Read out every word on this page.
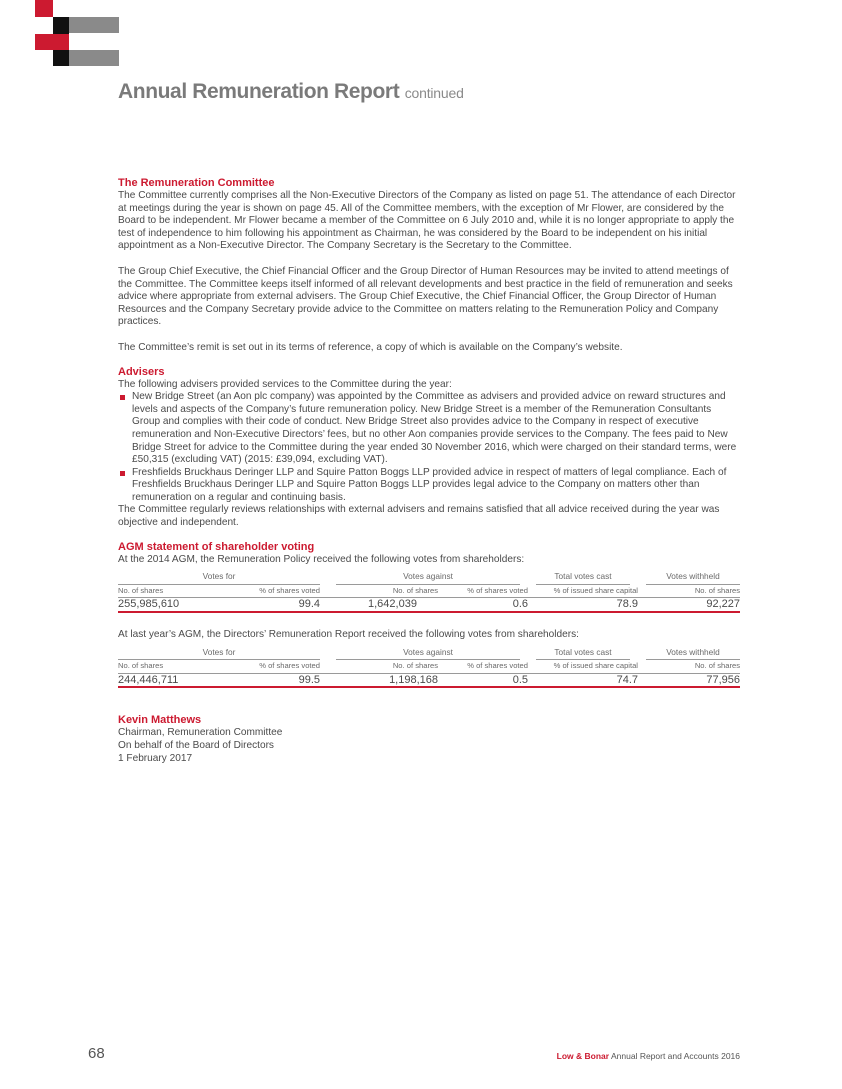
Annual Remuneration Report continued
The Remuneration Committee

The Committee currently comprises all the Non-Executive Directors of the Company as listed on page 51. The attendance of each Director at meetings during the year is shown on page 45. All of the Committee members, with the exception of Mr Flower, are considered by the Board to be independent. Mr Flower became a member of the Committee on 6 July 2010 and, while it is no longer appropriate to apply the test of independence to him following his appointment as Chairman, he was considered by the Board to be independent on his initial appointment as a Non-Executive Director. The Company Secretary is the Secretary to the Committee.

The Group Chief Executive, the Chief Financial Officer and the Group Director of Human Resources may be invited to attend meetings of the Committee. The Committee keeps itself informed of all relevant developments and best practice in the field of remuneration and seeks advice where appropriate from external advisers. The Group Chief Executive, the Chief Financial Officer, the Group Director of Human Resources and the Company Secretary provide advice to the Committee on matters relating to the Remuneration Policy and Company practices.

The Committee’s remit is set out in its terms of reference, a copy of which is available on the Company’s website.

Advisers

The following advisers provided services to the Committee during the year:

New Bridge Street (an Aon plc company) was appointed by the Committee as advisers and provided advice on reward structures and levels and aspects of the Company’s future remuneration policy. New Bridge Street is a member of the Remuneration Consultants Group and complies with their code of conduct. New Bridge Street also provides advice to the Company in respect of executive remuneration and Non-Executive Directors’ fees, but no other Aon companies provide services to the Company. The fees paid to New Bridge Street for advice to the Committee during the year ended 30 November 2016, which were charged on their standard terms, were £50,315 (excluding VAT) (2015: £39,094, excluding VAT).
Freshfields Bruckhaus Deringer LLP and Squire Patton Boggs LLP provided advice in respect of matters of legal compliance. Each of Freshfields Bruckhaus Deringer LLP and Squire Patton Boggs LLP provides legal advice to the Company on matters other than remuneration on a regular and continuing basis.

The Committee regularly reviews relationships with external advisers and remains satisfied that all advice received during the year was objective and independent.

AGM statement of shareholder voting

At the 2014 AGM, the Remuneration Policy received the following votes from shareholders:

Votes for		Votes against		Total votes cast	Votes withheld

No. of shares	% of shares voted	No. of shares	% of shares voted	% of issued share capital	No. of shares
255,985,610	99.4	1,642,039	0.6	78.9	92,227

At last year’s AGM, the Directors’ Remuneration Report received the following votes from shareholders:

Votes for		Votes against		Total votes cast	Votes withheld

No. of shares	% of shares voted	No. of shares	% of shares voted	% of issued share capital	No. of shares
244,446,711	99.5	1,198,168	0.5	74.7	77,956
Kevin Matthews

Chairman, Remuneration Committee

On behalf of the Board of Directors

1 February 2017

68	Low & Bonar Annual Report and Accounts 2016
